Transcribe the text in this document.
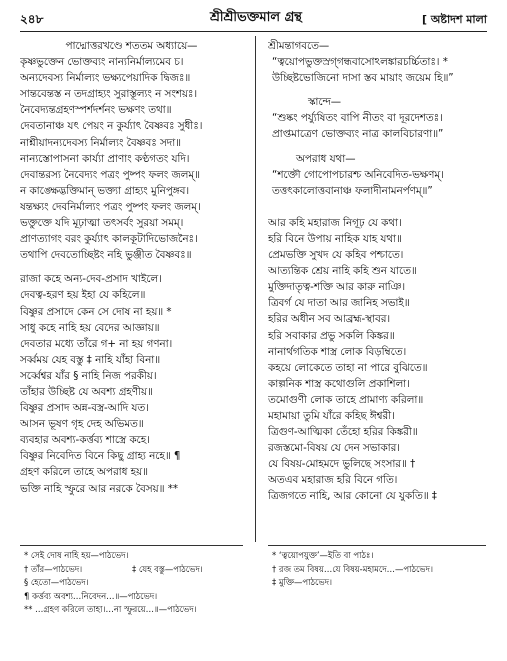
২৪৮	শ্রীশ্রীভক্তমাল গ্রন্থ	[ অষ্টাদশ মালা
পাদ্মোত্তরখণ্ডে শততম অধ্যায়ে—
কৃষ্ণভুক্তেন ভোক্তব্যং নান্যনির্মাল্যমেব চ।
অন্যদেবস্য নির্মাল্যং ভক্ষ্যপেয়াদিক দ্বিজঃ॥
সান্তবেন্তস্ত ন তদগ্রাহ্যং সুরাস্তূল্যং ন সংশয়ঃ।
নৈবেদ্যন্তগ্রহণস্পর্শদর্শনং ভক্ষণং তথা॥
দেবতানাঞ্চ যৎ পেয়ং ন কুর্য্যাৎ বৈষ্ণবঃ সুধীঃ।
নাশ্নীয়াদন্যদেবস্য নির্মাল্যং বৈষ্ণবঃ সদা॥
নান্যস্তোপাসনা কার্য্যা প্রাণাং কণ্ঠগতং যদি।
দেবান্তরস্য নৈবেদ্যং পত্রং পুষ্পং ফলং জলম্॥
ন কাঙ্ক্ষেদ্ভক্তিমান্ ভক্ত্যা গ্রাহ্যং মুনিপুঙ্গব।
ষন্তক্ষ্যং দেবনির্মাল্যং পত্রং পুষ্পং ফলং জলম্।
ভক্তুক্তে যদি মূঢ়াত্মা তৎসর্বং সুরয়া সমম্।
প্রাণত্যাগং বরং কুর্য্যাৎ কালকূটাদিভোজনৈঃ।
তথাপি দেবতোচ্ছিষ্টং নহি ভুঞ্জীত বৈষ্ণবঃ॥
রাজা কহে অন্য-দেব-প্রসাদ খাইলে।
দেবত্ব-হরণ হয় ইহা যে কহিলে॥
বিষ্ণুর প্রসাদে কেন সে দোষ না হয়॥ *
সাধু কহে নাহি হয় বেদের আজ্ঞায়॥
দেবতার মধ্যে তাঁরে গ+ না হয় গণনা।
সর্ব্বময় যেহ বস্তু ‡ নাহি যাঁহা বিনা॥
সর্ব্বেশ্বর যাঁর § নাহি নিজ পরকীয়।
তাঁহার উচ্ছিষ্ট যে অবশ্য গ্রহণীয়॥
বিষ্ণুর প্রসাদ অন্ন-বস্ত্র-আদি যত।
আসন ভূষণ গৃহ দেহ অভিমত॥
ব্যবহার অবশ্য-কর্ত্তব্য শাস্ত্রে কহে।
বিষ্ণুর নিবেদিত বিনে কিছু গ্রাহ্য নহে॥ ¶
গ্রহণ করিলে তাহে অপরাধ হয়॥
ভক্তি নাহি স্ফুরে আর নরকে বৈসয়॥ **
শ্রীমন্তাগবতে—
“ত্বয়োপভুক্তস্রগ্‌গন্ধবাসোঽলঙ্কারচর্চ্চিতাঃ। * উচ্ছিষ্টভোজিনো দাসা স্তব মায়াং জয়েম হি॥”
স্কান্দে—
“শুষ্কং পর্য্যুষিতং বাপি নীতং বা দূরদেশতঃ। প্রাপ্তমাত্রেণ ভোক্তব্যং নাত্র কালবিচারণা॥”
অপরাধ যথা—
“শক্তৌ গোপোপচারশ্চ অনিবেদিত-ভক্ষণম্। তত্তৎকালোত্তবানাঞ্চ ফলাদীনামনর্পণম্॥”
আর কহি মহারাজ নিগূঢ় যে কথা।
হরি বিনে উপায় নাহিক যাহ যথা॥
প্রেমভক্তি সুখদ যে কহিব পশ্চাতে।
আত্যন্তিক শ্রেয় নাহি কহি শুন যাতে॥
মুক্তিদাতৃত্ব-শক্তি আর কারু নাঞি।
ত্রিবর্গ যে দাতা আর জানিহ সভাই॥
হরির অধীন সব আব্রহ্ম-স্থাবর।
হরি সবাকার প্রভু সকলি কিঙ্কর॥
নানার্থগতিক শাস্ত্র লোক বিড়ম্বিতে।
কহয়ে লোকেতে তাহা না পারে বুঝিতে॥
কাল্পনিক শাস্ত্র কথোগুলি প্রকাশিলা।
তমোগুণী লোক তাহে প্রামাণ্য করিলা॥
মহামায়া তুমি যাঁরে কহিছ ঈশ্বরী।
ত্রিগুণ-আত্মিকা তেঁহো হরির কিঙ্করী॥
রজস্তমো-বিষয় যে দেন সভাকার।
যে বিষয়-মোহমদে ভুলিছে সংসার॥ †
অতএব মহারাজ হরি বিনে গতি।
ত্রিজগতে নাহি, আর কোনো যে যুকতি॥ ‡
* সেই দোষ নাহি হয়—পাঠভেদ।
† তাঁর—পাঠভেদ।	‡ যেহ বস্তু—পাঠভেদ।
§ হেতো—পাঠভেদ।
¶ কর্ত্তব্য অবশ্য…নিবেদন…॥—পাঠভেদ।
** …গ্রহণ করিলে তাহা।…না স্ফুরয়ে…॥—পাঠভেদ।
* ‘ত্বয়োপযুক্ত’—ইতি বা পাঠঃ।
† রজ তম বিষয়…যে বিষয়-মহামদে…—পাঠভেদ।
‡ মুক্তি—পাঠভেদ।
